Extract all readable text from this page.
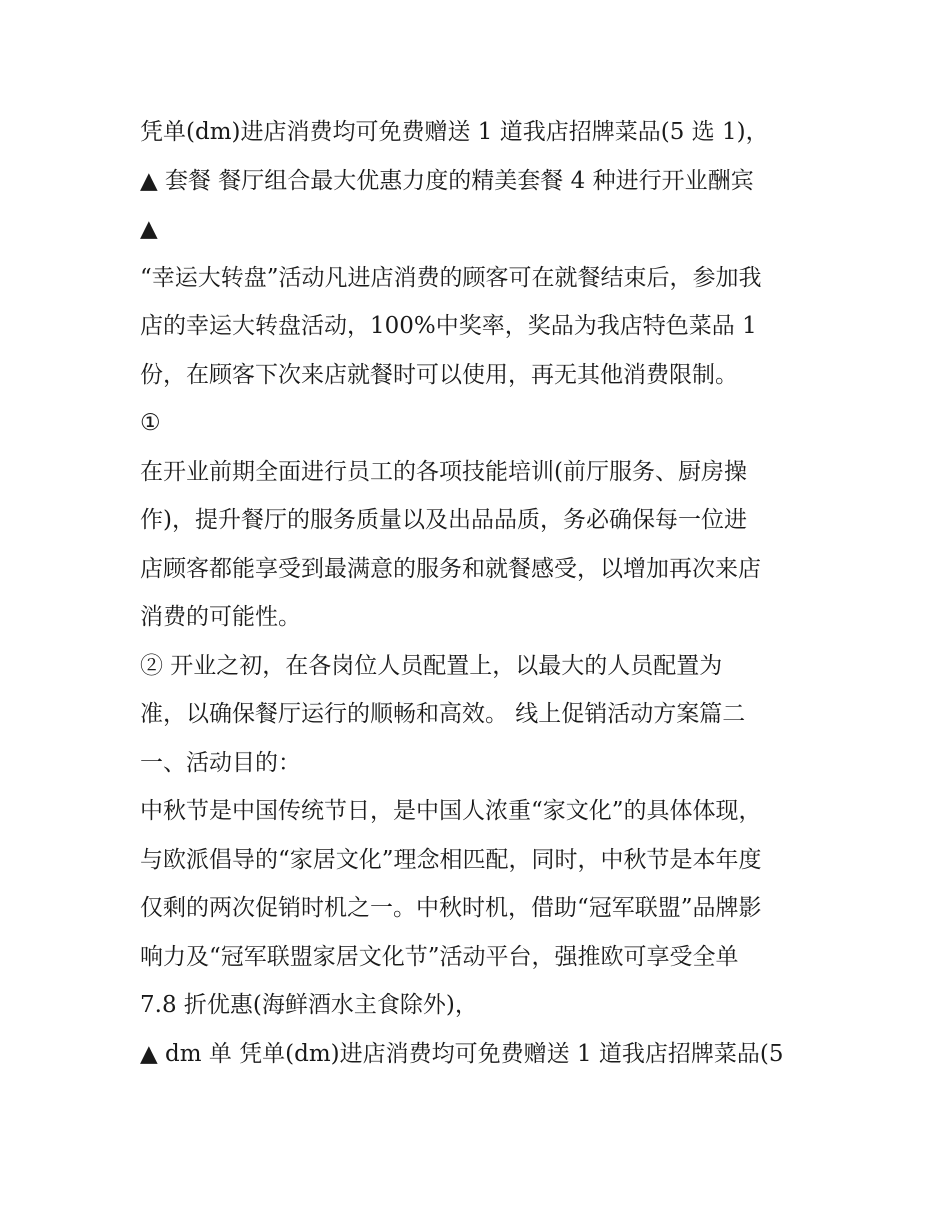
凭单(dm)进店消费均可免费赠送 1 道我店招牌菜品(5 选 1)，
▲ 套餐 餐厅组合最大优惠力度的精美套餐 4 种进行开业酬宾
▲
“幸运大转盘”活动凡进店消费的顾客可在就餐结束后，参加我
店的幸运大转盘活动，100%中奖率，奖品为我店特色菜品 1
份，在顾客下次来店就餐时可以使用，再无其他消费限制。
①
在开业前期全面进行员工的各项技能培训(前厅服务、厨房操
作)，提升餐厅的服务质量以及出品品质，务必确保每一位进
店顾客都能享受到最满意的服务和就餐感受，以增加再次来店
消费的可能性。
② 开业之初，在各岗位人员配置上，以最大的人员配置为
准，以确保餐厅运行的顺畅和高效。 线上促销活动方案篇二
一、活动目的：
中秋节是中国传统节日，是中国人浓重“家文化”的具体体现，
与欧派倡导的“家居文化”理念相匹配，同时，中秋节是本年度
仅剩的两次促销时机之一。中秋时机，借助“冠军联盟”品牌影
响力及“冠军联盟家居文化节”活动平台，强推欧可享受全单
7.8 折优惠(海鲜酒水主食除外)，
▲ dm 单 凭单(dm)进店消费均可免费赠送 1 道我店招牌菜品(5
